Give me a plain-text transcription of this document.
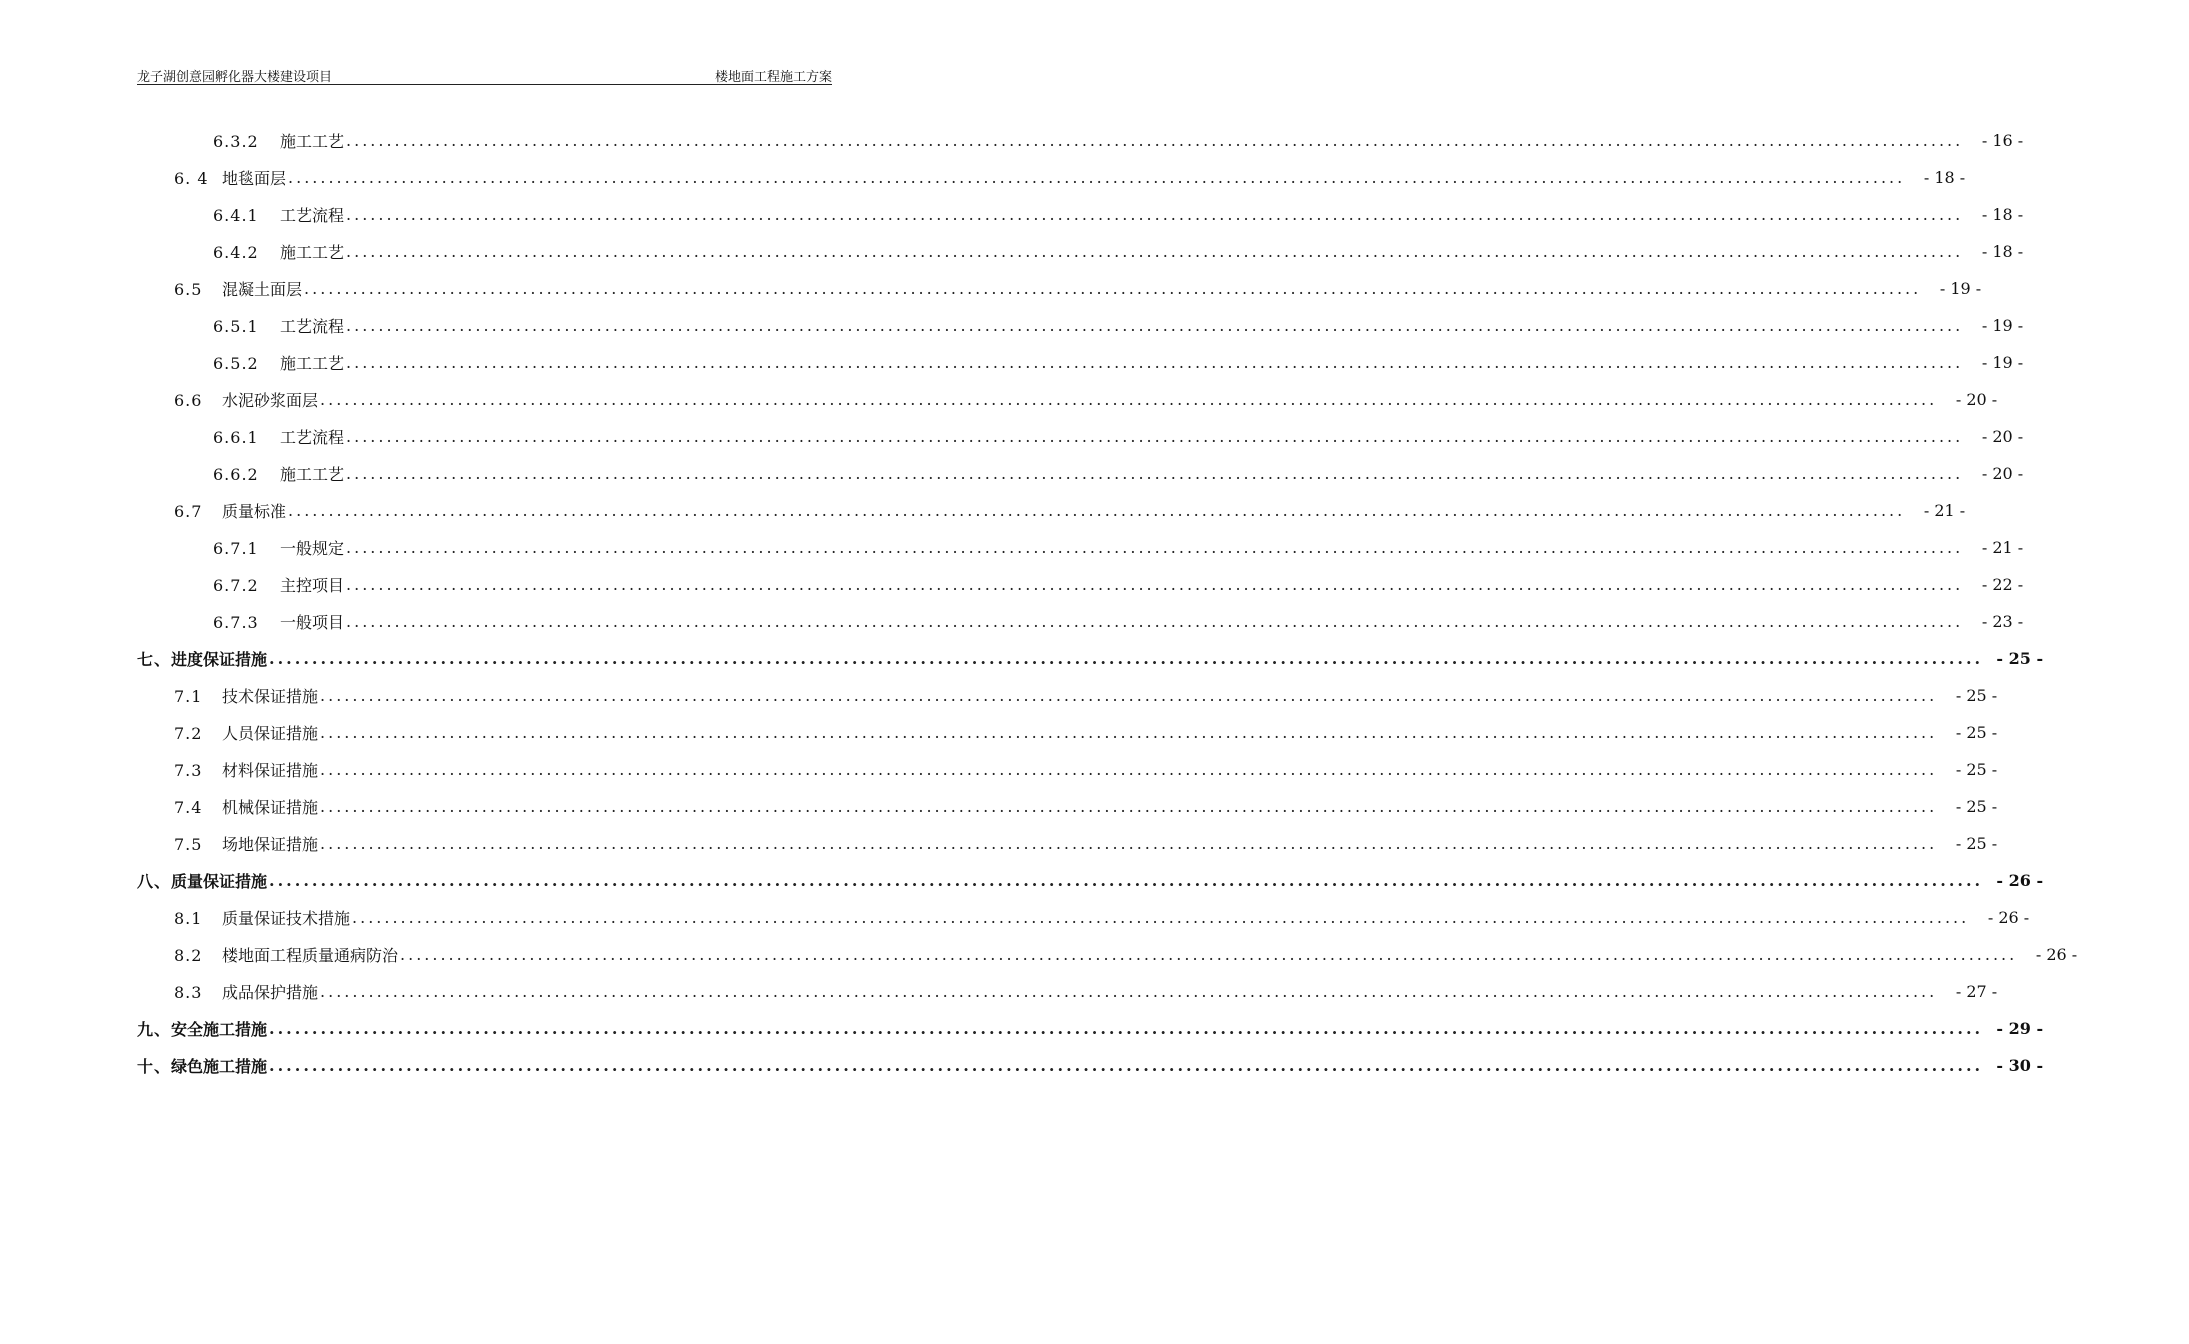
龙子湖创意园孵化器大楼建设项目	楼地面工程施工方案
6.3.2 施工工艺 ........................................................................................................................................................................................................	- 16 -
6. 4 地毯面层 ........................................................................................................................................................................................................	- 18 -
6.4.1 工艺流程 ........................................................................................................................................................................................................	- 18 -
6.4.2 施工工艺 ........................................................................................................................................................................................................	- 18 -
6.5 混凝土面层 ........................................................................................................................................................................................................	- 19 -
6.5.1 工艺流程 ........................................................................................................................................................................................................	- 19 -
6.5.2 施工工艺 ........................................................................................................................................................................................................	- 19 -
6.6 水泥砂浆面层 ........................................................................................................................................................................................................	- 20 -
6.6.1 工艺流程 ........................................................................................................................................................................................................	- 20 -
6.6.2 施工工艺 ........................................................................................................................................................................................................	- 20 -
6.7 质量标准 ........................................................................................................................................................................................................	- 21 -
6.7.1 一般规定 ........................................................................................................................................................................................................	- 21 -
6.7.2 主控项目 ........................................................................................................................................................................................................	- 22 -
6.7.3 一般项目 ........................................................................................................................................................................................................	- 23 -
七、进度保证措施 ........................................................................................................................................................................................................ - 25 -
7.1 技术保证措施 ........................................................................................................................................................................................................	- 25 -
7.2 人员保证措施 ........................................................................................................................................................................................................	- 25 -
7.3 材料保证措施 ........................................................................................................................................................................................................	- 25 -
7.4 机械保证措施 ........................................................................................................................................................................................................	- 25 -
7.5 场地保证措施 ........................................................................................................................................................................................................	- 25 -
八、质量保证措施 ........................................................................................................................................................................................................ - 26 -
8.1 质量保证技术措施 ........................................................................................................................................................................................................	- 26 -
8.2 楼地面工程质量通病防治 ........................................................................................................................................................................................................	- 26 -
8.3 成品保护措施 ........................................................................................................................................................................................................	- 27 -
九、安全施工措施 ........................................................................................................................................................................................................ - 29 -
十、绿色施工措施 ........................................................................................................................................................................................................ - 30 -
